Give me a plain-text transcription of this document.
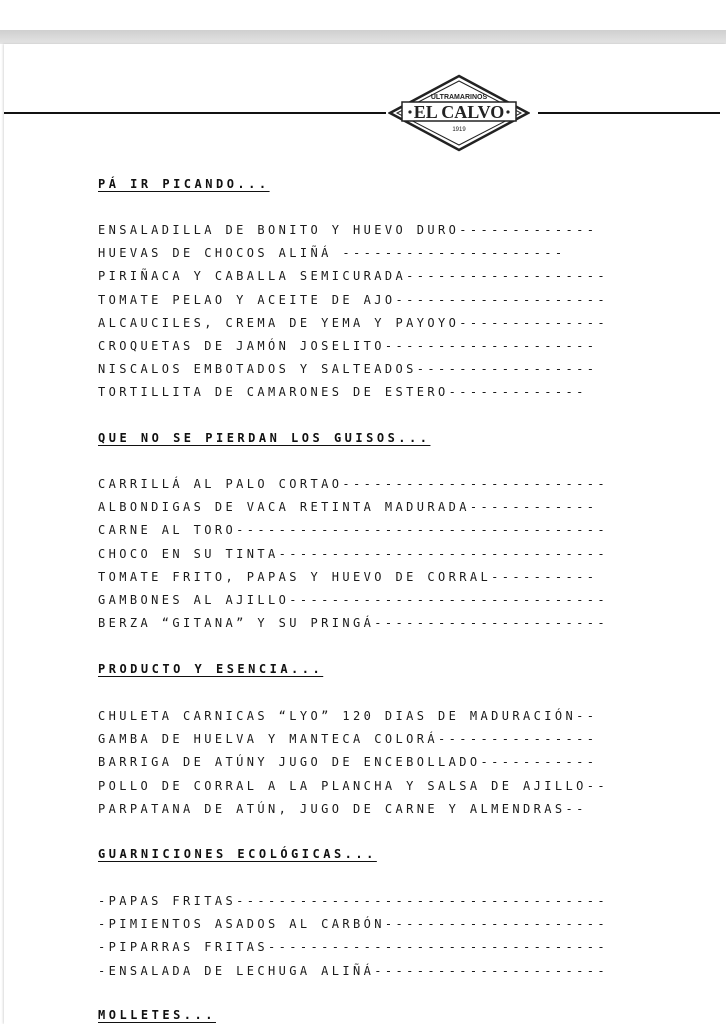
ULTRAMARINOS
EL CALVO
1919
PÁ IR PICANDO...
ENSALADILLA DE BONITO Y HUEVO DURO-------------
HUEVAS DE CHOCOS ALIÑÁ ---------------------
PIRIÑACA Y CABALLA SEMICURADA-------------------
TOMATE PELAO Y ACEITE DE AJO--------------------
ALCAUCILES, CREMA DE YEMA Y PAYOYO--------------
CROQUETAS DE JAMÓN JOSELITO--------------------
NISCALOS EMBOTADOS Y SALTEADOS-----------------
TORTILLITA DE CAMARONES DE ESTERO-------------
QUE NO SE PIERDAN LOS GUISOS...
CARRILLÁ AL PALO CORTAO-------------------------
ALBONDIGAS DE VACA RETINTA MADURADA------------
CARNE AL TORO-----------------------------------
CHOCO EN SU TINTA-------------------------------
TOMATE FRITO, PAPAS Y HUEVO DE CORRAL----------
GAMBONES AL AJILLO------------------------------
BERZA “GITANA” Y SU PRINGÁ----------------------
PRODUCTO Y ESENCIA...
CHULETA CARNICAS “LYO” 120 DIAS DE MADURACIÓN--
GAMBA DE HUELVA Y MANTECA COLORÁ---------------
BARRIGA DE ATÚNY JUGO DE ENCEBOLLADO-----------
POLLO DE CORRAL A LA PLANCHA Y SALSA DE AJILLO--
PARPATANA DE ATÚN, JUGO DE CARNE Y ALMENDRAS--
GUARNICIONES ECOLÓGICAS...
-PAPAS FRITAS-----------------------------------
-PIMIENTOS ASADOS AL CARBÓN---------------------
-PIPARRAS FRITAS--------------------------------
-ENSALADA DE LECHUGA ALIÑÁ----------------------
MOLLETES...
